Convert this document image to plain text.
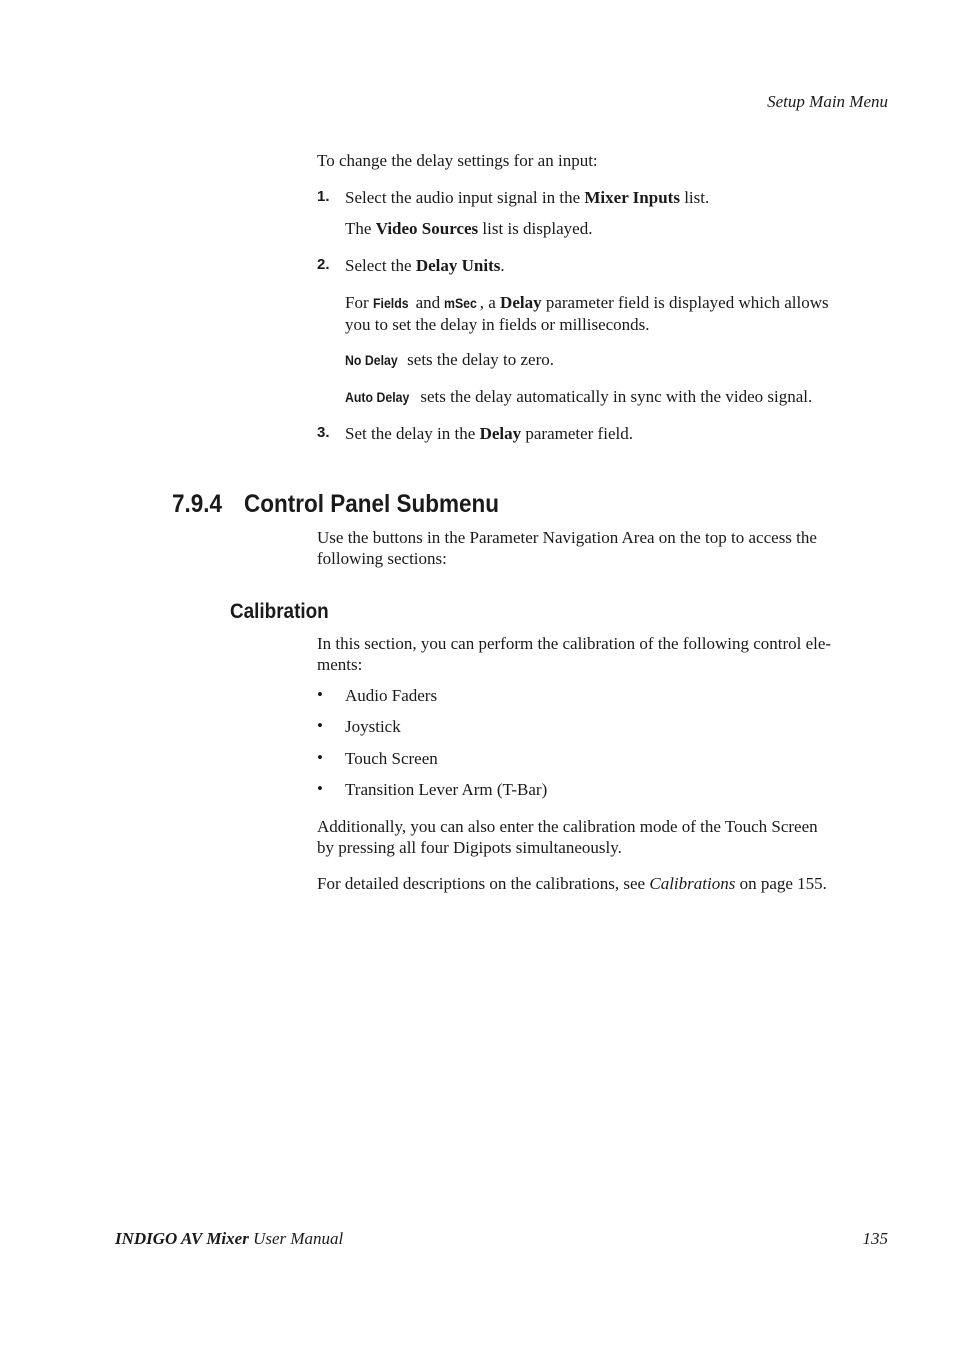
Setup Main Menu
To change the delay settings for an input:
1. Select the audio input signal in the Mixer Inputs list.
The Video Sources list is displayed.
2. Select the Delay Units.
For Fields and mSec , a Delay parameter field is displayed which allows
you to set the delay in fields or milliseconds.
No Delay sets the delay to zero.
Auto Delay sets the delay automatically in sync with the video signal.
3. Set the delay in the Delay parameter field.
7.9.4 Control Panel Submenu
Use the buttons in the Parameter Navigation Area on the top to access the
following sections:
Calibration
In this section, you can perform the calibration of the following control ele-
ments:
• Audio Faders
• Joystick
• Touch Screen
• Transition Lever Arm (T-Bar)
Additionally, you can also enter the calibration mode of the Touch Screen
by pressing all four Digipots simultaneously.
For detailed descriptions on the calibrations, see Calibrations on page 155.
INDIGO AV Mixer User Manual	135
